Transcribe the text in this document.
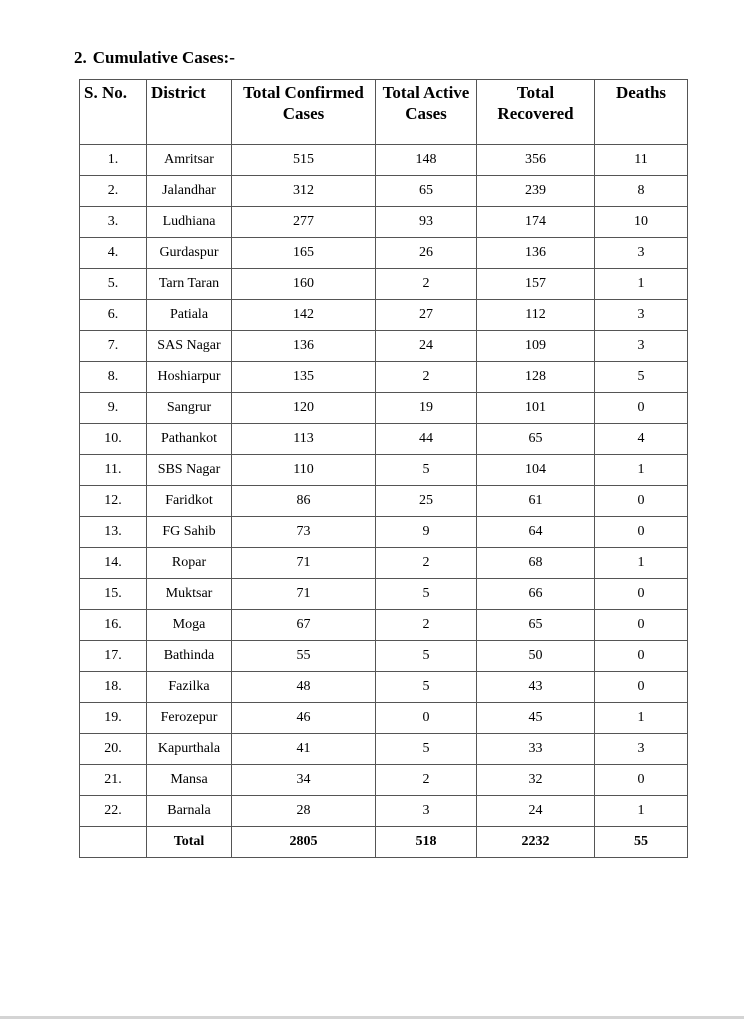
2. Cumulative Cases:-
S. No.	District	Total Confirmed Cases	Total Active Cases	Total Recovered	Deaths
1.	Amritsar	515	148	356	11
2.	Jalandhar	312	65	239	8
3.	Ludhiana	277	93	174	10
4.	Gurdaspur	165	26	136	3
5.	Tarn Taran	160	2	157	1
6.	Patiala	142	27	112	3
7.	SAS Nagar	136	24	109	3
8.	Hoshiarpur	135	2	128	5
9.	Sangrur	120	19	101	0
10.	Pathankot	113	44	65	4
11.	SBS Nagar	110	5	104	1
12.	Faridkot	86	25	61	0
13.	FG Sahib	73	9	64	0
14.	Ropar	71	2	68	1
15.	Muktsar	71	5	66	0
16.	Moga	67	2	65	0
17.	Bathinda	55	5	50	0
18.	Fazilka	48	5	43	0
19.	Ferozepur	46	0	45	1
20.	Kapurthala	41	5	33	3
21.	Mansa	34	2	32	0
22.	Barnala	28	3	24	1
	Total	2805	518	2232	55
